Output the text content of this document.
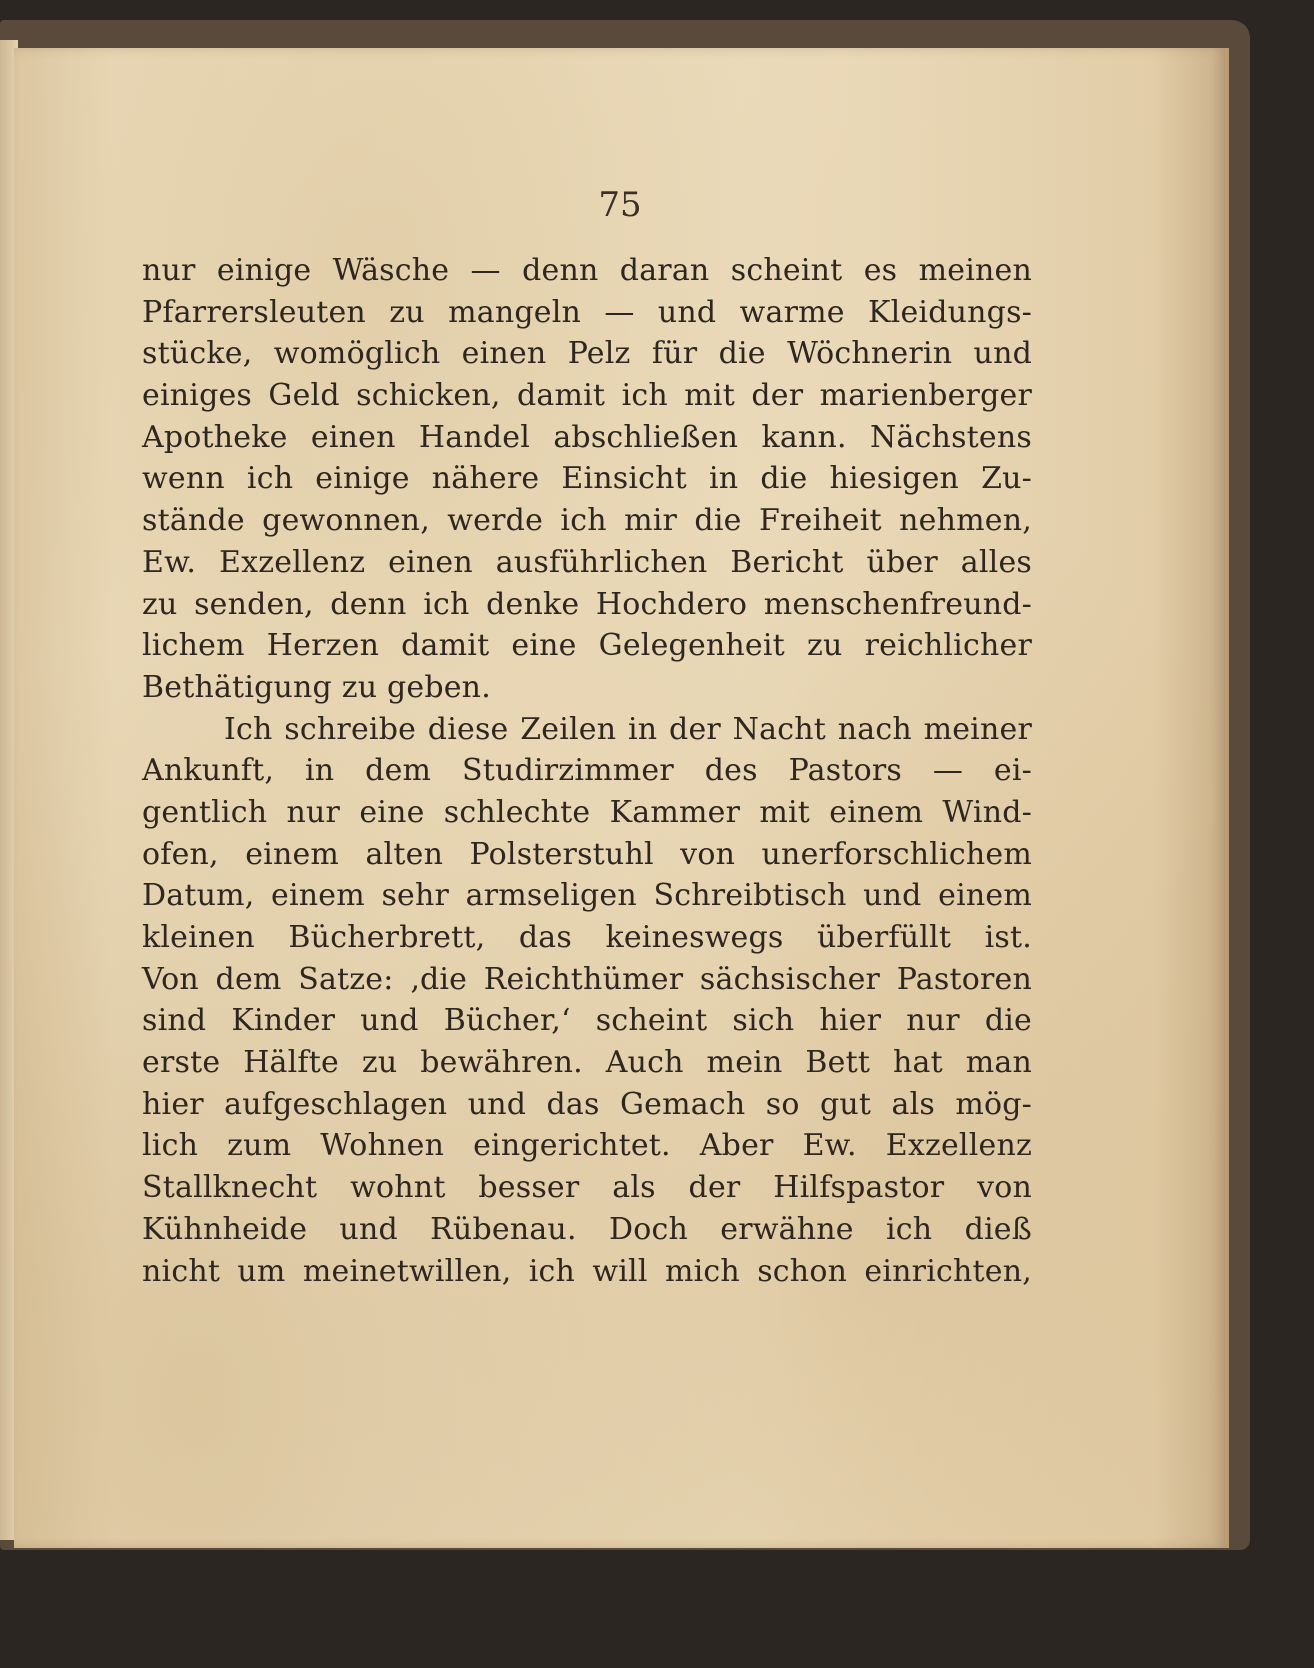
75
nur einige Wäsche — denn daran scheint es meinen
Pfarrersleuten zu mangeln — und warme Kleidungs-
stücke, womöglich einen Pelz für die Wöchnerin und
einiges Geld schicken, damit ich mit der marienberger
Apotheke einen Handel abschließen kann. Nächstens
wenn ich einige nähere Einsicht in die hiesigen Zu-
stände gewonnen, werde ich mir die Freiheit nehmen,
Ew. Exzellenz einen ausführlichen Bericht über alles
zu senden, denn ich denke Hochdero menschenfreund-
lichem Herzen damit eine Gelegenheit zu reichlicher
Bethätigung zu geben.
Ich schreibe diese Zeilen in der Nacht nach meiner
Ankunft, in dem Studirzimmer des Pastors — ei-
gentlich nur eine schlechte Kammer mit einem Wind-
ofen, einem alten Polsterstuhl von unerforschlichem
Datum, einem sehr armseligen Schreibtisch und einem
kleinen Bücherbrett, das keineswegs überfüllt ist.
Von dem Satze: ‚die Reichthümer sächsischer Pastoren
sind Kinder und Bücher,‘ scheint sich hier nur die
erste Hälfte zu bewähren. Auch mein Bett hat man
hier aufgeschlagen und das Gemach so gut als mög-
lich zum Wohnen eingerichtet. Aber Ew. Exzellenz
Stallknecht wohnt besser als der Hilfspastor von
Kühnheide und Rübenau. Doch erwähne ich dieß
nicht um meinetwillen, ich will mich schon einrichten,
